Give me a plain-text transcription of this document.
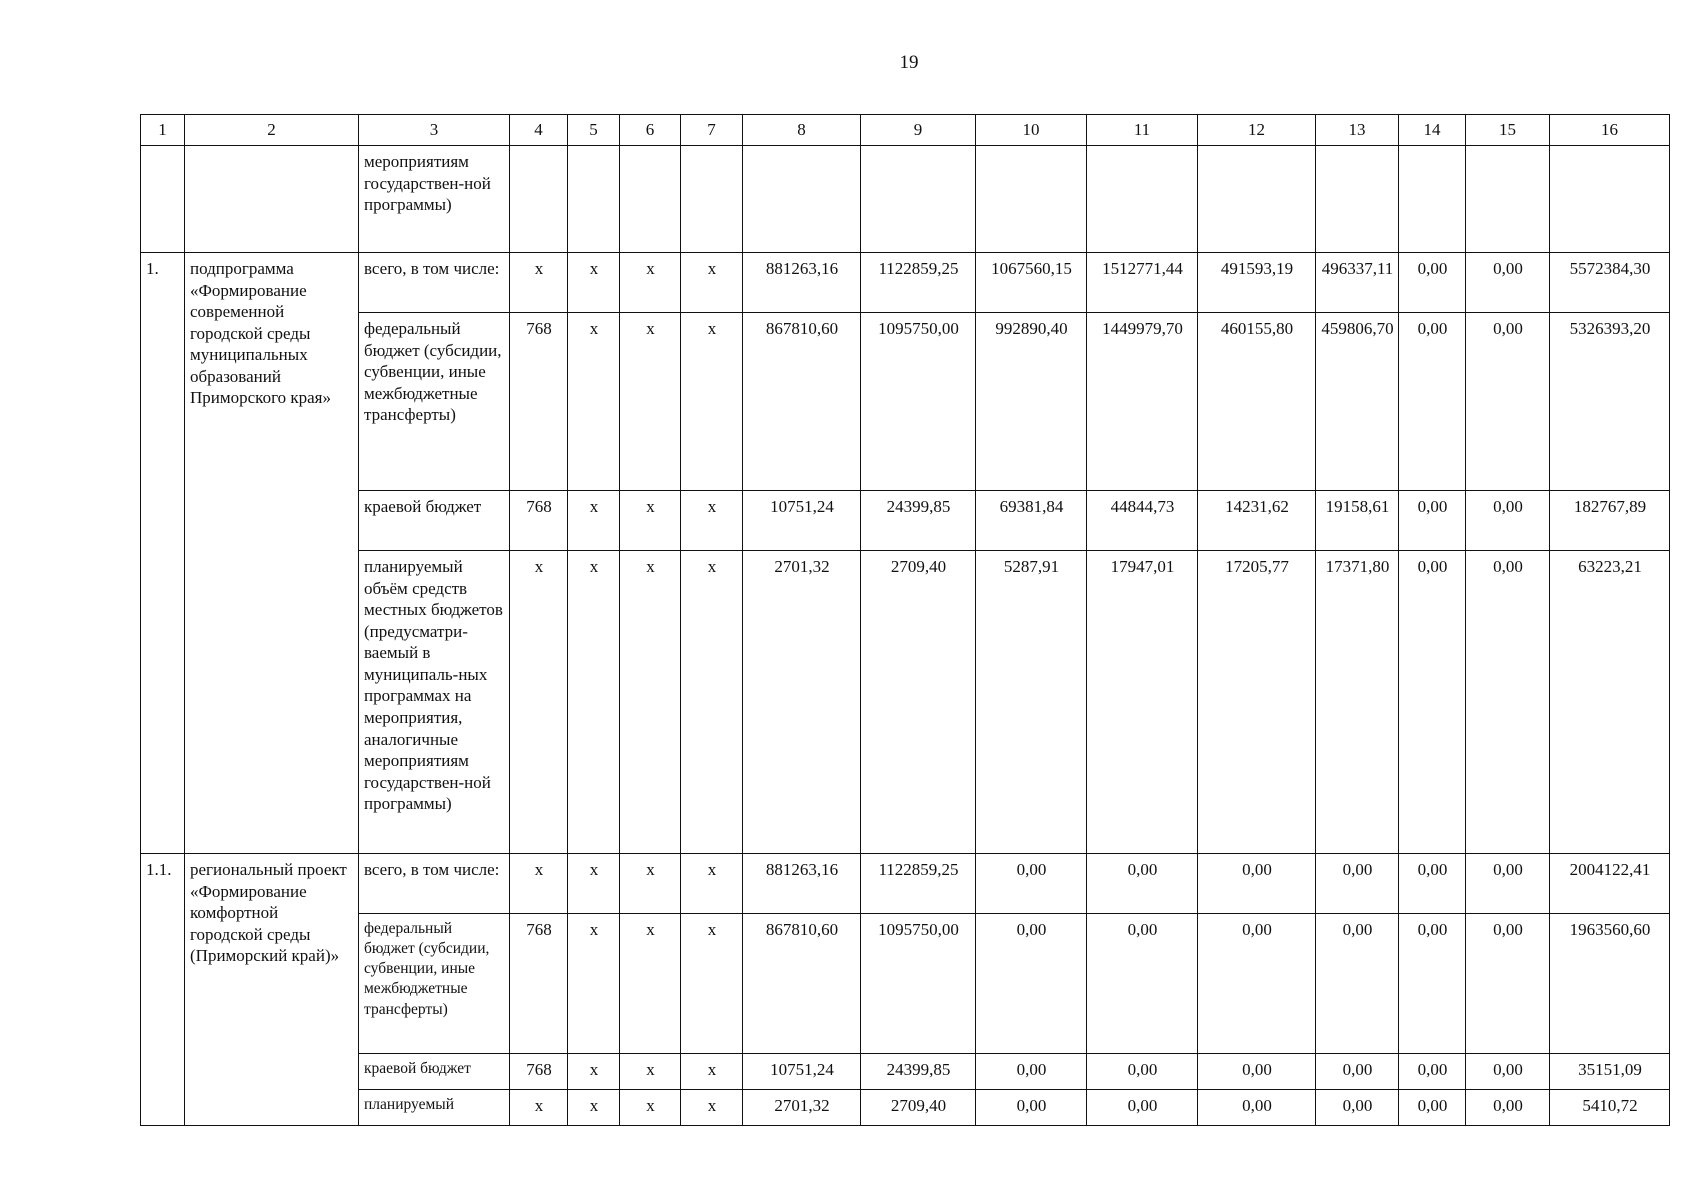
19
1	2	3	4	5	6	7	8	9	10	11	12	13	14	15	16
		мероприятиям государствен-ной программы)													
1.	подпрограмма «Формирование современной городской среды муниципальных образований Приморского края»	всего, в том числе:	х	х	х	х	881263,16	1122859,25	1067560,15	1512771,44	491593,19	496337,11	0,00	0,00	5572384,30
		федеральный бюджет (субсидии, субвенции, иные межбюджетные трансферты)	768	х	х	х	867810,60	1095750,00	992890,40	1449979,70	460155,80	459806,70	0,00	0,00	5326393,20
		краевой бюджет	768	х	х	х	10751,24	24399,85	69381,84	44844,73	14231,62	19158,61	0,00	0,00	182767,89
		планируемый объём средств местных бюджетов (предусматри-ваемый в муниципаль-ных программах на мероприятия, аналогичные мероприятиям государствен-ной программы)	х	х	х	х	2701,32	2709,40	5287,91	17947,01	17205,77	17371,80	0,00	0,00	63223,21
1.1.	региональный проект «Формирование комфортной городской среды (Приморский край)»	всего, в том числе:	х	х	х	х	881263,16	1122859,25	0,00	0,00	0,00	0,00	0,00	0,00	2004122,41
		федеральный бюджет (субсидии, субвенции, иные межбюджетные трансферты)	768	х	х	х	867810,60	1095750,00	0,00	0,00	0,00	0,00	0,00	0,00	1963560,60
		краевой бюджет	768	х	х	х	10751,24	24399,85	0,00	0,00	0,00	0,00	0,00	0,00	35151,09
		планируемый	х	х	х	х	2701,32	2709,40	0,00	0,00	0,00	0,00	0,00	0,00	5410,72
